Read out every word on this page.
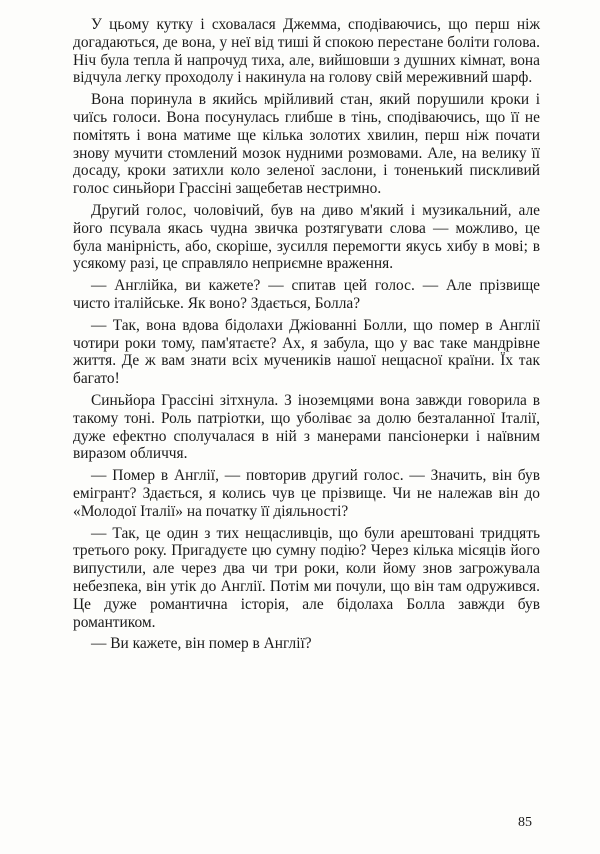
У цьому кутку і сховалася Джемма, сподіваючись, що перш ніж догадаються, де вона, у неї від тиші й спокою перестане боліти голова. Ніч була тепла й напрочуд тиха, але, вийшовши з душних кімнат, вона відчула легку проходолу і накинула на голову свій мереживний шарф.

Вона поринула в якийсь мрійливий стан, який порушили кроки і чиїсь голоси. Вона посунулась глибше в тінь, сподіваючись, що її не помітять і вона матиме ще кілька золотих хвилин, перш ніж почати знову мучити стомлений мозок нудними розмовами. Але, на велику її досаду, кроки затихли коло зеленої заслони, і тоненький пискливий голос синьйори Грассіні защебетав нестримно.

Другий голос, чоловічий, був на диво м'який і музикальний, але його псувала якась чудна звичка розтягувати слова — можливо, це була манірність, або, скоріше, зусилля перемогти якусь хибу в мові; в усякому разі, це справляло неприємне враження.

— Англійка, ви кажете? — спитав цей голос. — Але прізвище чисто італійське. Як воно? Здається, Болла?

— Так, вона вдова бідолахи Джіованні Болли, що помер в Англії чотири роки тому, пам'ятаєте? Ах, я забула, що у вас таке мандрівне життя. Де ж вам знати всіх мучеників нашої нещасної країни. Їх так багато!

Синьйора Грассіні зітхнула. З іноземцями вона завжди говорила в такому тоні. Роль патріотки, що уболіває за долю безталанної Італії, дуже ефектно сполучалася в ній з манерами пансіонерки і наївним виразом обличчя.

— Помер в Англії, — повторив другий голос. — Значить, він був емігрант? Здається, я колись чув це прізвище. Чи не належав він до «Молодої Італії» на початку її діяльності?

— Так, це один з тих нещасливців, що були арештовані тридцять третього року. Пригадуєте цю сумну подію? Через кілька місяців його випустили, але через два чи три роки, коли йому знов загрожувала небезпека, він утік до Англії. Потім ми почули, що він там одружився. Це дуже романтична історія, але бідолаха Болла завжди був романтиком.

— Ви кажете, він помер в Англії?

85
